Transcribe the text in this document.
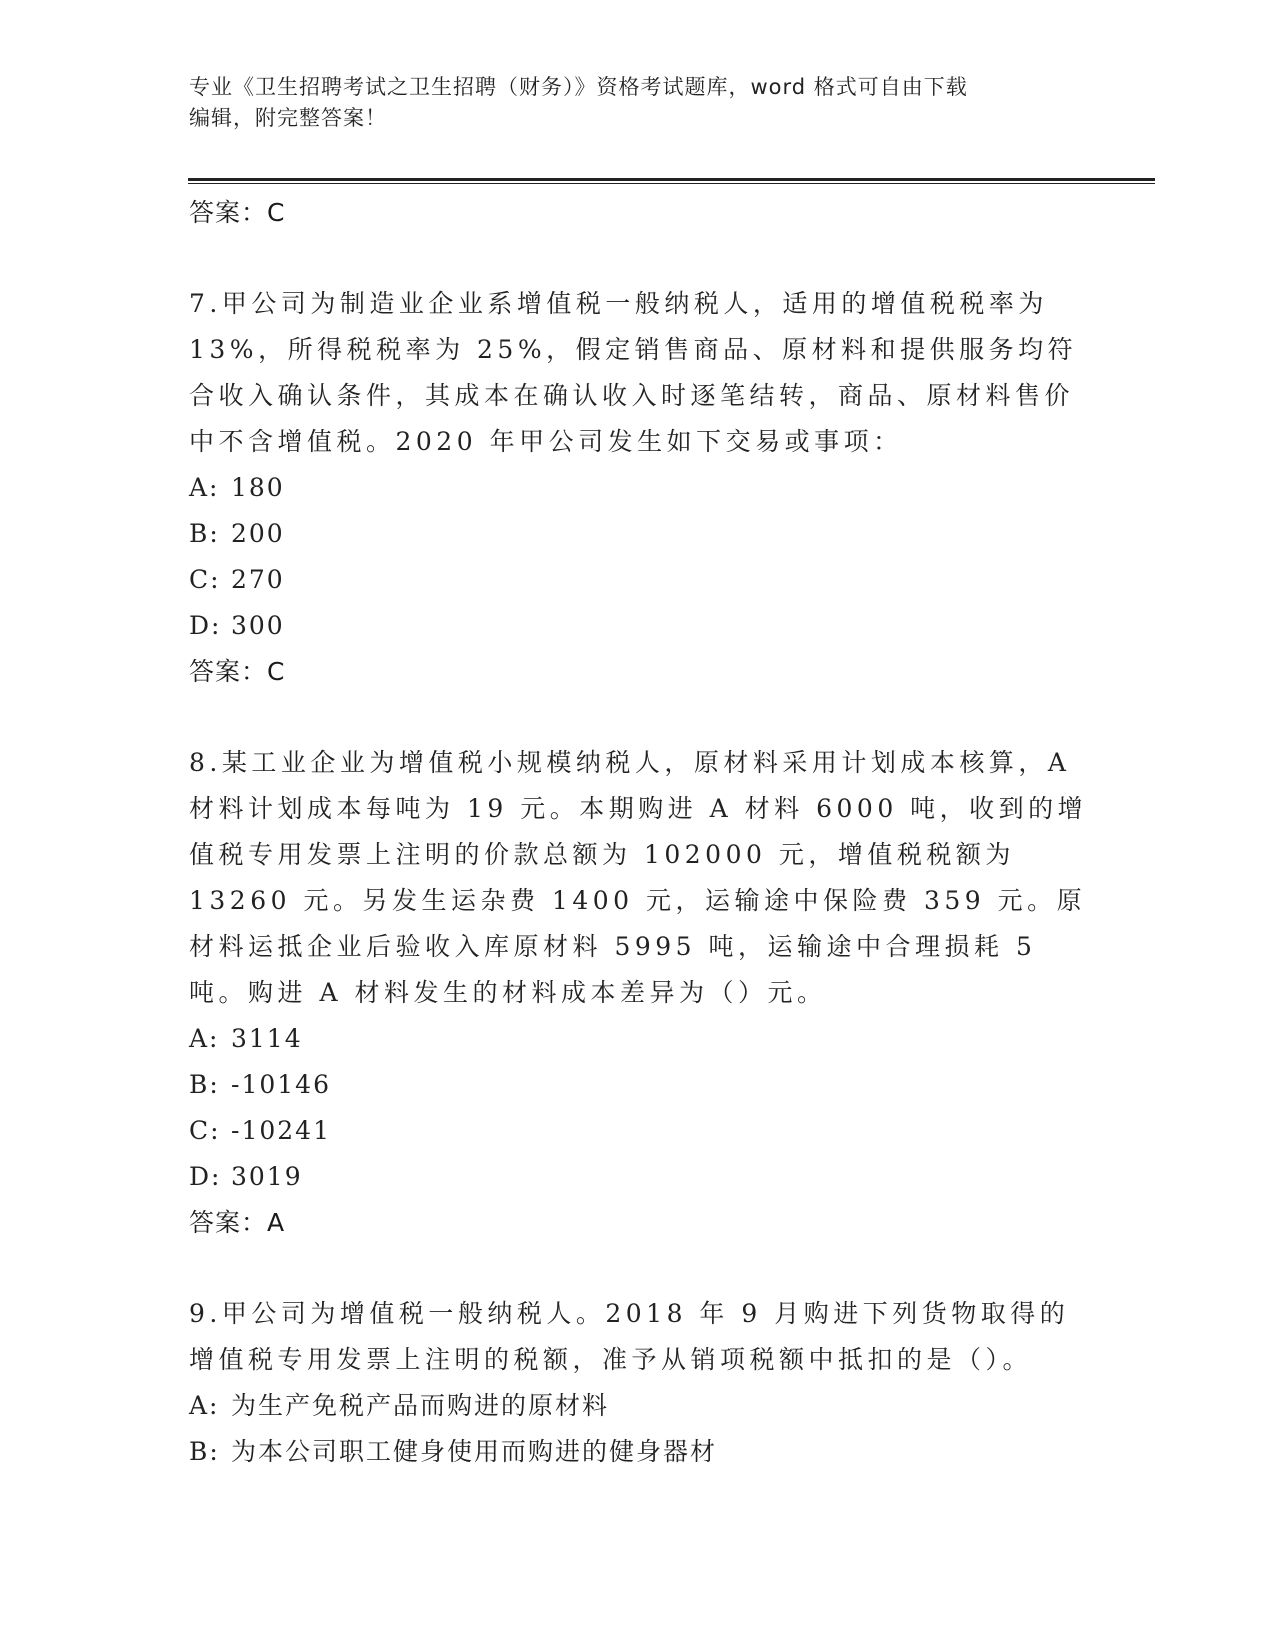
专业《卫生招聘考试之卫生招聘（财务）》资格考试题库，word 格式可自由下载
编辑，附完整答案！
答案：C
7.甲公司为制造业企业系增值税一般纳税人，适用的增值税税率为 13%，所得税税率为 25%，假定销售商品、原材料和提供服务均符合收入确认条件，其成本在确认收入时逐笔结转，商品、原材料售价中不含增值税。2020 年甲公司发生如下交易或事项：
A: 180
B: 200
C: 270
D: 300
答案：C
8.某工业企业为增值税小规模纳税人，原材料采用计划成本核算，A 材料计划成本每吨为 19 元。本期购进 A 材料 6000 吨，收到的增值税专用发票上注明的价款总额为 102000 元，增值税税额为 13260 元。另发生运杂费 1400 元，运输途中保险费 359 元。原材料运抵企业后验收入库原材料 5995 吨，运输途中合理损耗 5 吨。购进 A 材料发生的材料成本差异为（）元。
A: 3114
B: -10146
C: -10241
D: 3019
答案：A
9.甲公司为增值税一般纳税人。2018 年 9 月购进下列货物取得的增值税专用发票上注明的税额，准予从销项税额中抵扣的是（）。
A: 为生产免税产品而购进的原材料
B: 为本公司职工健身使用而购进的健身器材
